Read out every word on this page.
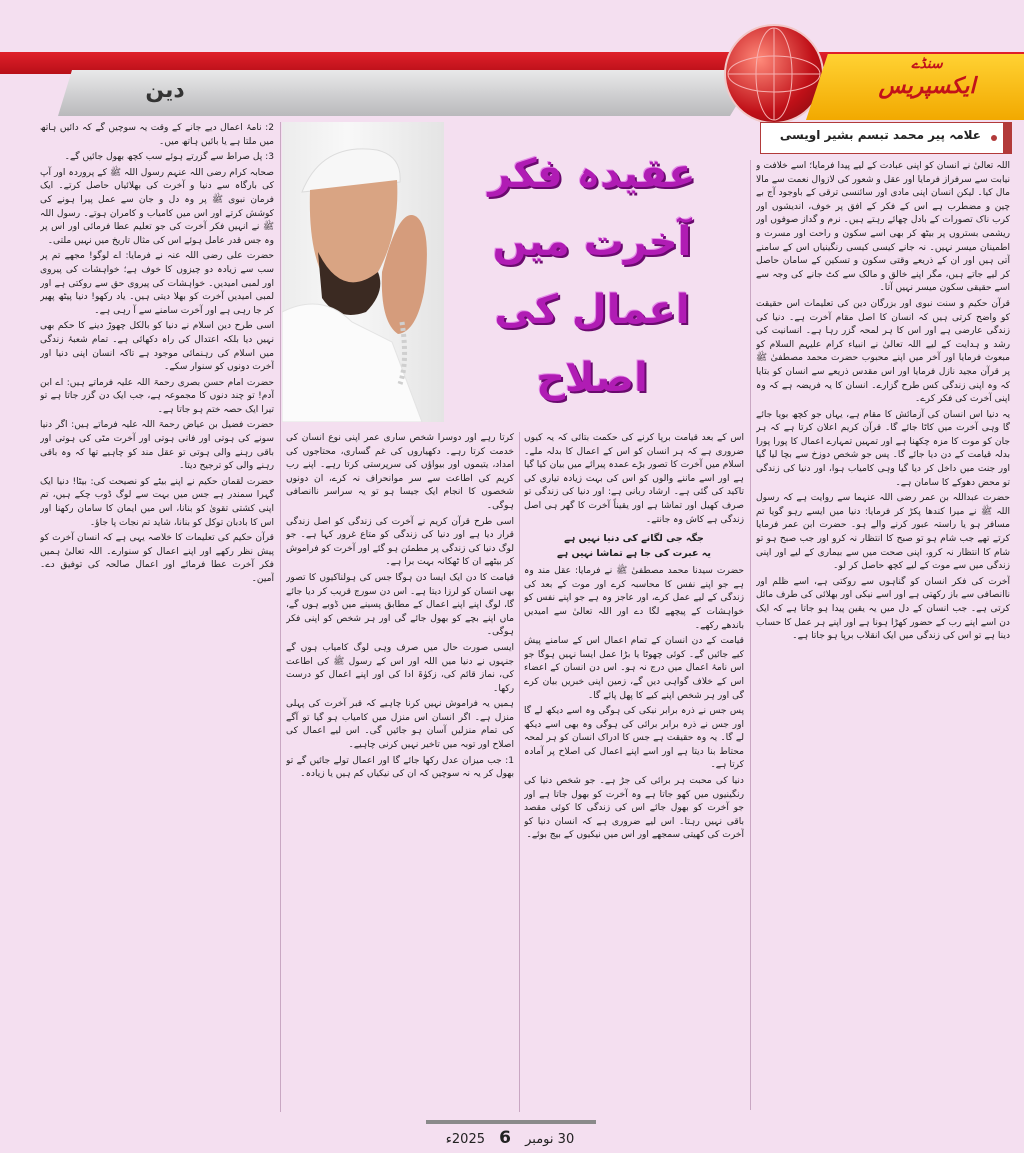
دین
سنڈے
ایکسپریس
علامہ پیر محمد تبسم بشیر اویسی
عقیدہ فکر
آخرت میں
اعمال کی
اصلاح

اللہ تعالیٰ نے انسان کو اپنی عبادت کے لیے پیدا فرمایا؛ اسے خلافت و نیابت سے سرفراز فرمایا اور عقل و شعور کی لازوال نعمت سے مالا مال کیا۔ لیکن انسان اپنی مادی اور سائنسی ترقی کے باوجود آج بے چین و مضطرب ہے اس کے فکر کے افق پر خوف، اندیشوں اور کرب ناک تصورات کے بادل چھائے رہتے ہیں۔ نرم و گداز صوفوں اور ریشمی بستروں پر بیٹھ کر بھی اسے سکون و راحت اور مسرت و اطمینان میسر نہیں۔ نہ جانے کیسی کیسی رنگینیاں اس کے سامنے آتی ہیں اور ان کے ذریعے وقتی سکون و تسکین کے سامان حاصل کر لیے جاتے ہیں، مگر اپنے خالق و مالک سے کٹ جانے کی وجہ سے اسے حقیقی سکون میسر نہیں آتا۔

قرآن حکیم و سنت نبوی اور بزرگان دین کی تعلیمات اس حقیقت کو واضح کرتی ہیں کہ انسان کا اصل مقام آخرت ہے۔ دنیا کی زندگی عارضی ہے اور اس کا ہر لمحہ گزر رہا ہے۔ انسانیت کی رشد و ہدایت کے لیے اللہ تعالیٰ نے انبیاء کرام علیہم السلام کو مبعوث فرمایا اور آخر میں اپنے محبوب حضرت محمد مصطفیٰ ﷺ پر قرآن مجید نازل فرمایا اور اس مقدس ذریعے سے انسان کو بتایا کہ وہ اپنی زندگی کس طرح گزارے۔ انسان کا یہ فریضہ ہے کہ وہ اپنی آخرت کی فکر کرے۔

یہ دنیا اس انسان کی آزمائش کا مقام ہے، یہاں جو کچھ بویا جائے گا وہی آخرت میں کاٹا جائے گا۔ قرآن کریم اعلان کرتا ہے کہ ہر جان کو موت کا مزہ چکھنا ہے اور تمہیں تمہارے اعمال کا پورا پورا بدلہ قیامت کے دن دیا جائے گا۔ پس جو شخص دوزخ سے بچا لیا گیا اور جنت میں داخل کر دیا گیا وہی کامیاب ہوا، اور دنیا کی زندگی تو محض دھوکے کا سامان ہے۔

حضرت عبداللہ بن عمر رضی اللہ عنہما سے روایت ہے کہ رسول اللہ ﷺ نے میرا کندھا پکڑ کر فرمایا: دنیا میں ایسے رہو گویا تم مسافر ہو یا راستہ عبور کرنے والے ہو۔ حضرت ابن عمر فرمایا کرتے تھے جب شام ہو تو صبح کا انتظار نہ کرو اور جب صبح ہو تو شام کا انتظار نہ کرو، اپنی صحت میں سے بیماری کے لیے اور اپنی زندگی میں سے موت کے لیے کچھ حاصل کر لو۔

آخرت کی فکر انسان کو گناہوں سے روکتی ہے، اسے ظلم اور ناانصافی سے باز رکھتی ہے اور اسے نیکی اور بھلائی کی طرف مائل کرتی ہے۔ جب انسان کے دل میں یہ یقین پیدا ہو جاتا ہے کہ ایک دن اسے اپنے رب کے حضور کھڑا ہونا ہے اور اپنے ہر عمل کا حساب دینا ہے تو اس کی زندگی میں ایک انقلاب برپا ہو جاتا ہے۔

اس کے بعد قیامت برپا کرنے کی حکمت بتائی کہ یہ کیوں ضروری ہے کہ ہر انسان کو اس کے اعمال کا بدلہ ملے۔ اسلام میں آخرت کا تصور بڑے عمدہ پیرائے میں بیان کیا گیا ہے اور اسے ماننے والوں کو اس کی بہت زیادہ تیاری کی تاکید کی گئی ہے۔ ارشاد ربانی ہے: اور دنیا کی زندگی تو صرف کھیل اور تماشا ہے اور یقیناً آخرت کا گھر ہی اصل زندگی ہے کاش وہ جانتے۔

جگہ جی لگانے کی دنیا نہیں ہے
یہ عبرت کی جا ہے تماشا نہیں ہے

حضرت سیدنا محمد مصطفیٰ ﷺ نے فرمایا: عقل مند وہ ہے جو اپنے نفس کا محاسبہ کرے اور موت کے بعد کی زندگی کے لیے عمل کرے، اور عاجز وہ ہے جو اپنے نفس کو خواہشات کے پیچھے لگا دے اور اللہ تعالیٰ سے امیدیں باندھے رکھے۔

قیامت کے دن انسان کے تمام اعمال اس کے سامنے پیش کیے جائیں گے۔ کوئی چھوٹا یا بڑا عمل ایسا نہیں ہوگا جو اس نامۂ اعمال میں درج نہ ہو۔ اس دن انسان کے اعضاء اس کے خلاف گواہی دیں گے، زمین اپنی خبریں بیان کرے گی اور ہر شخص اپنے کیے کا پھل پائے گا۔

پس جس نے ذرہ برابر نیکی کی ہوگی وہ اسے دیکھ لے گا اور جس نے ذرہ برابر برائی کی ہوگی وہ بھی اسے دیکھ لے گا۔ یہ وہ حقیقت ہے جس کا ادراک انسان کو ہر لمحہ محتاط بنا دیتا ہے اور اسے اپنے اعمال کی اصلاح پر آمادہ کرتا ہے۔

دنیا کی محبت ہر برائی کی جڑ ہے۔ جو شخص دنیا کی رنگینیوں میں کھو جاتا ہے وہ آخرت کو بھول جاتا ہے اور جو آخرت کو بھول جائے اس کی زندگی کا کوئی مقصد باقی نہیں رہتا۔ اس لیے ضروری ہے کہ انسان دنیا کو آخرت کی کھیتی سمجھے اور اس میں نیکیوں کے بیج بوئے۔

کرتا رہے اور دوسرا شخص ساری عمر اپنی نوع انسان کی خدمت کرتا رہے۔ دکھیاروں کی غم گساری، محتاجوں کی امداد، یتیموں اور بیواؤں کی سرپرستی کرتا رہے۔ اپنے رب کریم کی اطاعت سے سر موانحراف نہ کرے، ان دونوں شخصوں کا انجام ایک جیسا ہو تو یہ سراسر ناانصافی ہوگی۔

اسی طرح قرآن کریم نے آخرت کی زندگی کو اصل زندگی قرار دیا ہے اور دنیا کی زندگی کو متاع غرور کہا ہے۔ جو لوگ دنیا کی زندگی پر مطمئن ہو گئے اور آخرت کو فراموش کر بیٹھے ان کا ٹھکانہ بہت برا ہے۔

قیامت کا دن ایک ایسا دن ہوگا جس کی ہولناکیوں کا تصور بھی انسان کو لرزا دیتا ہے۔ اس دن سورج قریب کر دیا جائے گا، لوگ اپنے اپنے اعمال کے مطابق پسینے میں ڈوبے ہوں گے، ماں اپنے بچے کو بھول جائے گی اور ہر شخص کو اپنی فکر ہوگی۔

ایسی صورت حال میں صرف وہی لوگ کامیاب ہوں گے جنہوں نے دنیا میں اللہ اور اس کے رسول ﷺ کی اطاعت کی، نماز قائم کی، زکوٰۃ ادا کی اور اپنے اعمال کو درست رکھا۔

ہمیں یہ فراموش نہیں کرنا چاہیے کہ قبر آخرت کی پہلی منزل ہے۔ اگر انسان اس منزل میں کامیاب ہو گیا تو آگے کی تمام منزلیں آسان ہو جائیں گی۔ اس لیے اعمال کی اصلاح اور توبہ میں تاخیر نہیں کرنی چاہیے۔

1: جب میزان عدل رکھا جائے گا اور اعمال تولے جائیں گے تو بھول کر یہ نہ سوچیں کہ ان کی نیکیاں کم ہیں یا زیادہ۔

2: نامۂ اعمال دیے جانے کے وقت یہ سوچیں گے کہ دائیں ہاتھ میں ملتا ہے یا بائیں ہاتھ میں۔

3: پل صراط سے گزرتے ہوئے سب کچھ بھول جائیں گے۔

صحابہ کرام رضی اللہ عنہم رسول اللہ ﷺ کے پروردہ اور آپ کی بارگاہ سے دنیا و آخرت کی بھلائیاں حاصل کرتے۔ ایک فرمان نبوی ﷺ پر وہ دل و جان سے عمل پیرا ہونے کی کوشش کرتے اور اس میں کامیاب و کامران ہوتے۔ رسول اللہ ﷺ نے انہیں فکر آخرت کی جو تعلیم عطا فرمائی اور اس پر وہ جس قدر عامل ہوئے اس کی مثال تاریخ میں نہیں ملتی۔

حضرت علی رضی اللہ عنہ نے فرمایا: اے لوگو! مجھے تم پر سب سے زیادہ دو چیزوں کا خوف ہے؛ خواہشات کی پیروی اور لمبی امیدیں۔ خواہشات کی پیروی حق سے روکتی ہے اور لمبی امیدیں آخرت کو بھلا دیتی ہیں۔ یاد رکھو! دنیا پیٹھ پھیر کر جا رہی ہے اور آخرت سامنے سے آ رہی ہے۔

اسی طرح دین اسلام نے دنیا کو بالکل چھوڑ دینے کا حکم بھی نہیں دیا بلکہ اعتدال کی راہ دکھائی ہے۔ تمام شعبۂ زندگی میں اسلام کی رہنمائی موجود ہے تاکہ انسان اپنی دنیا اور آخرت دونوں کو سنوار سکے۔

حضرت امام حسن بصری رحمۃ اللہ علیہ فرماتے ہیں: اے ابن آدم! تو چند دنوں کا مجموعہ ہے، جب ایک دن گزر جاتا ہے تو تیرا ایک حصہ ختم ہو جاتا ہے۔

حضرت فضیل بن عیاض رحمۃ اللہ علیہ فرماتے ہیں: اگر دنیا سونے کی ہوتی اور فانی ہوتی اور آخرت مٹی کی ہوتی اور باقی رہنے والی ہوتی تو عقل مند کو چاہیے تھا کہ وہ باقی رہنے والی کو ترجیح دیتا۔

حضرت لقمان حکیم نے اپنے بیٹے کو نصیحت کی: بیٹا! دنیا ایک گہرا سمندر ہے جس میں بہت سے لوگ ڈوب چکے ہیں، تم اپنی کشتی تقویٰ کو بنانا، اس میں ایمان کا سامان رکھنا اور اس کا بادبان توکل کو بنانا، شاید تم نجات پا جاؤ۔

قرآن حکیم کی تعلیمات کا خلاصہ یہی ہے کہ انسان آخرت کو پیش نظر رکھے اور اپنے اعمال کو سنوارے۔ اللہ تعالیٰ ہمیں فکر آخرت عطا فرمائے اور اعمال صالحہ کی توفیق دے۔ آمین۔

30 نومبر 6 2025ء
